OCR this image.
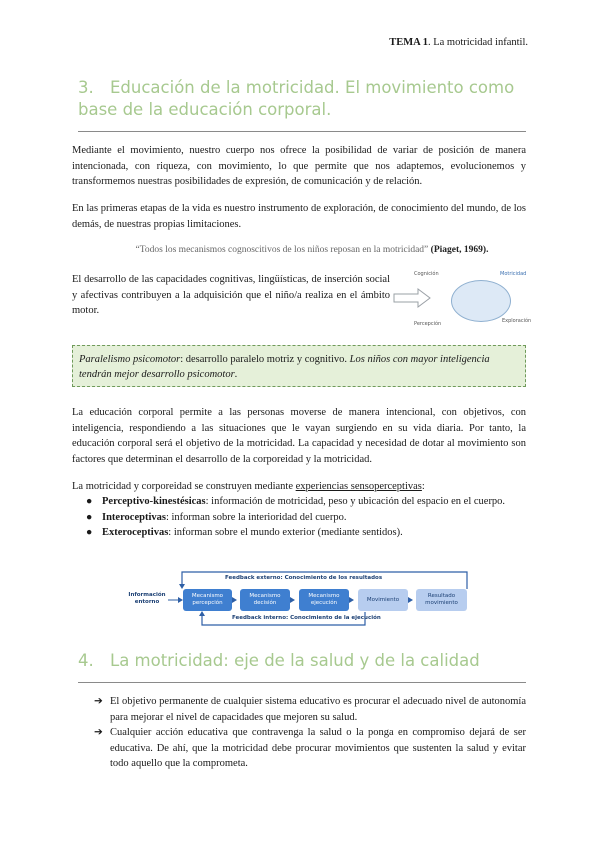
TEMA 1. La motricidad infantil.
3. Educación de la motricidad. El movimiento como base de la educación corporal.

Mediante el movimiento, nuestro cuerpo nos ofrece la posibilidad de variar de posición de manera intencionada, con riqueza, con movimiento, lo que permite que nos adaptemos, evolucionemos y transformemos nuestras posibilidades de expresión, de comunicación y de relación.

En las primeras etapas de la vida es nuestro instrumento de exploración, de conocimiento del mundo, de los demás, de nuestras propias limitaciones.

“Todos los mecanismos cognoscitivos de los niños reposan en la motricidad” (Piaget, 1969).

El desarrollo de las capacidades cognitivas, lingüísticas, de inserción social y afectivas contribuyen a la adquisición que el niño/a realiza en el ámbito motor.

Cognición	Motricidad
Percepción	Exploración
Paralelismo psicomotor: desarrollo paralelo motriz y cognitivo. Los niños con mayor inteligencia tendrán mejor desarrollo psicomotor.

La educación corporal permite a las personas moverse de manera intencional, con objetivos, con inteligencia, respondiendo a las situaciones que le vayan surgiendo en su vida diaria. Por tanto, la educación corporal será el objetivo de la motricidad. La capacidad y necesidad de dotar al movimiento son factores que determinan el desarrollo de la corporeidad y la motricidad.

La motricidad y corporeidad se construyen mediante experiencias sensoperceptivas:

● Perceptivo-kinestésicas: información de motricidad, peso y ubicación del espacio en el cuerpo.
● Interoceptivas: informan sobre la interioridad del cuerpo.
● Exteroceptivas: informan sobre el mundo exterior (mediante sentidos).
Información entorno
Feedback externo: Conocimiento de los resultados
Feedback interno: Conocimiento de la ejecución
Mecanismo percepción
Mecanismo decisión
Mecanismo ejecución
Movimiento
Resultado movimiento
4. La motricidad: eje de la salud y de la calidad
➔ El objetivo permanente de cualquier sistema educativo es procurar el adecuado nivel de autonomía para mejorar el nivel de capacidades que mejoren su salud.
➔ Cualquier acción educativa que contravenga la salud o la ponga en compromiso dejará de ser educativa. De ahí, que la motricidad debe procurar movimientos que sustenten la salud y evitar todo aquello que la comprometa.
